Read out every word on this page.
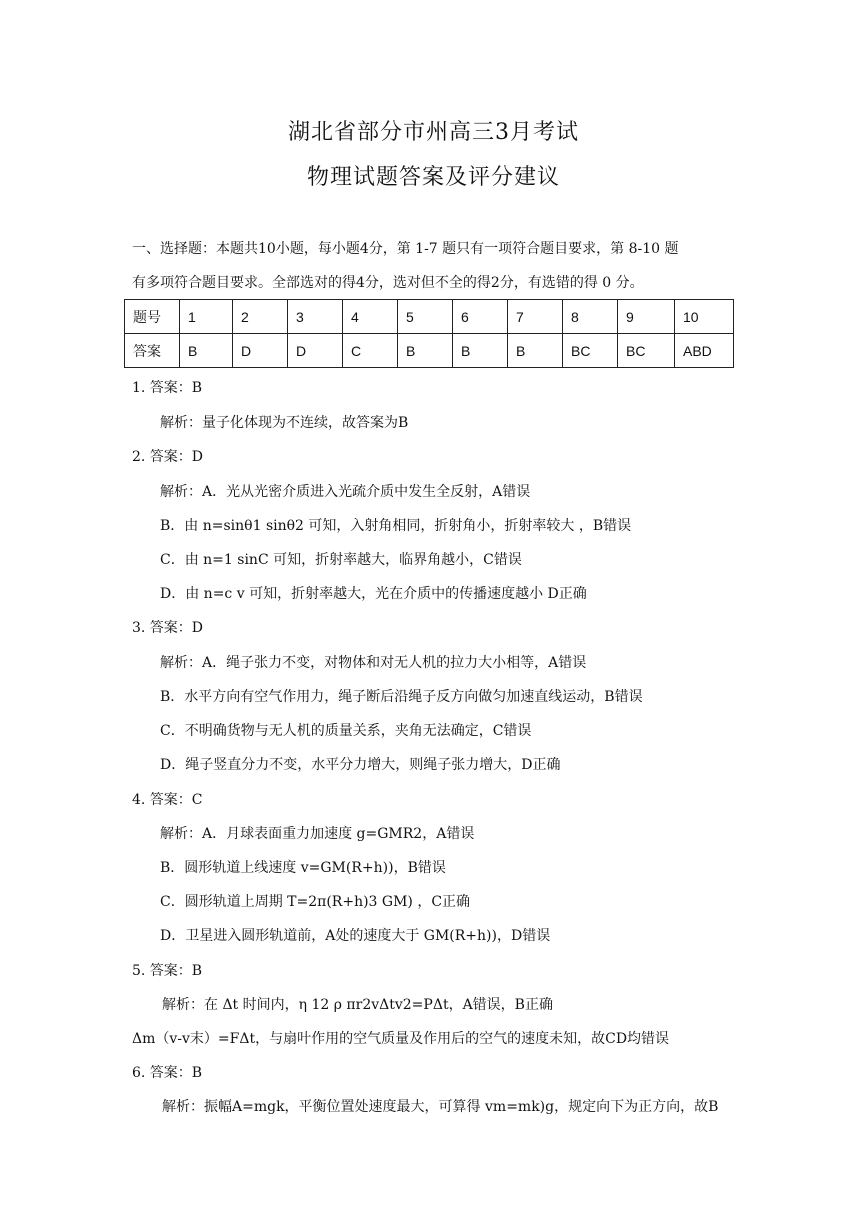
湖北省部分市州高三3月考试
物理试题答案及评分建议
一、选择题：本题共10小题，每小题4分，第 1-7 题只有一项符合题目要求，第 8-10 题
有多项符合题目要求。全部选对的得4分，选对但不全的得2分，有选错的得 0 分。
题号	1	2	3	4	5	6	7	8	9	10
答案	B	D	D	C	B	B	B	BC	BC	ABD
1. 答案：B
解析：量子化体现为不连续，故答案为B
2. 答案：D
解析：A．光从光密介质进入光疏介质中发生全反射，A错误
B．由 n=sinθ1 sinθ2 可知，入射角相同，折射角小，折射率较大 ，B错误
C．由 n=1 sinC 可知，折射率越大，临界角越小，C错误
D．由 n=c v 可知，折射率越大，光在介质中的传播速度越小 D正确
3. 答案：D
解析：A．绳子张力不变，对物体和对无人机的拉力大小相等，A错误
B．水平方向有空气作用力，绳子断后沿绳子反方向做匀加速直线运动，B错误
C．不明确货物与无人机的质量关系，夹角无法确定，C错误
D．绳子竖直分力不变，水平分力增大，则绳子张力增大，D正确
4. 答案：C
解析：A．月球表面重力加速度 g=GMR2，A错误
B．圆形轨道上线速度 v=GM(R+h))，B错误
C．圆形轨道上周期 T=2π(R+h)3 GM) ，C正确
D．卫星进入圆形轨道前，A处的速度大于 GM(R+h))，D错误
5. 答案：B
解析：在 Δt 时间内，η 12 ρ πr2vΔtv2=PΔt，A错误，B正确
Δm（v-v末）=FΔt，与扇叶作用的空气质量及作用后的空气的速度未知，故CD均错误
6. 答案：B
解析：振幅A=mgk，平衡位置处速度最大，可算得 vm=mk)g，规定向下为正方向，故B
